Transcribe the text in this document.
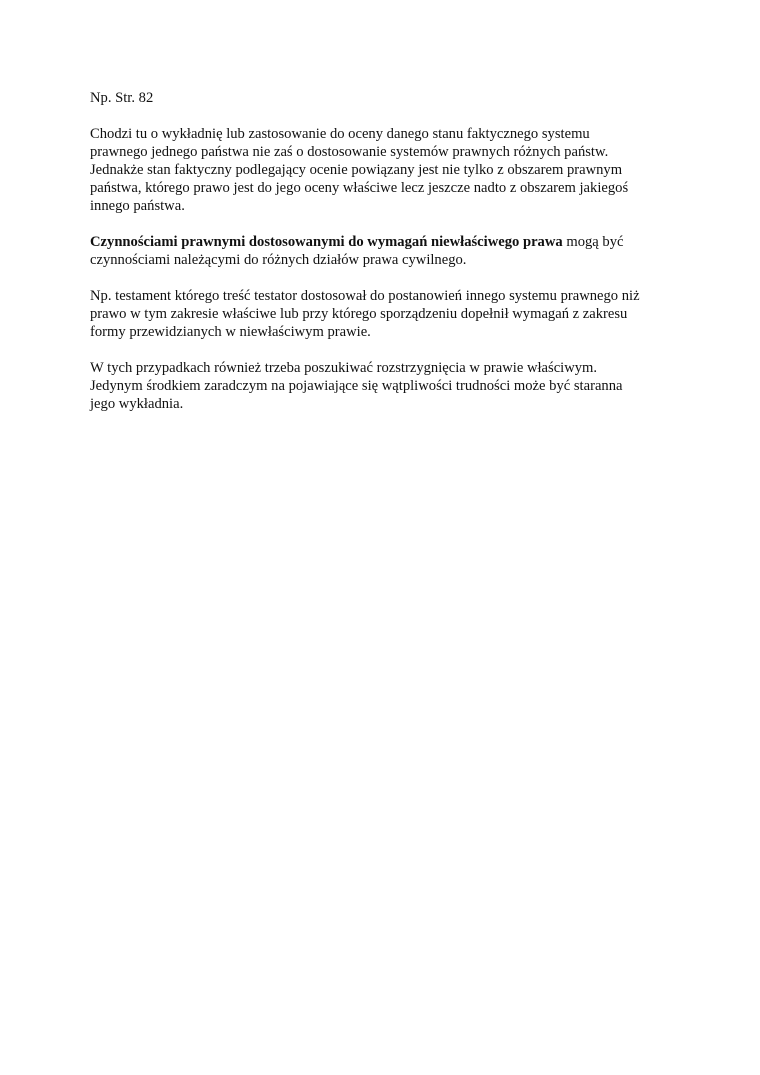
Np. Str. 82

Chodzi tu o wykładnię lub zastosowanie do oceny danego stanu faktycznego systemu
prawnego jednego państwa nie zaś o dostosowanie systemów prawnych różnych państw.
Jednakże stan faktyczny podlegający ocenie powiązany jest nie tylko z obszarem prawnym
państwa, którego prawo jest do jego oceny właściwe lecz jeszcze nadto z obszarem jakiegoś
innego państwa.

Czynnościami prawnymi dostosowanymi do wymagań niewłaściwego prawa mogą być
czynnościami należącymi do różnych działów prawa cywilnego.

Np. testament którego treść testator dostosował do postanowień innego systemu prawnego niż
prawo w tym zakresie właściwe lub przy którego sporządzeniu dopełnił wymagań z zakresu
formy przewidzianych w niewłaściwym prawie.

W tych przypadkach również trzeba poszukiwać rozstrzygnięcia w prawie właściwym.
Jedynym środkiem zaradczym na pojawiające się wątpliwości trudności może być staranna
jego wykładnia.
